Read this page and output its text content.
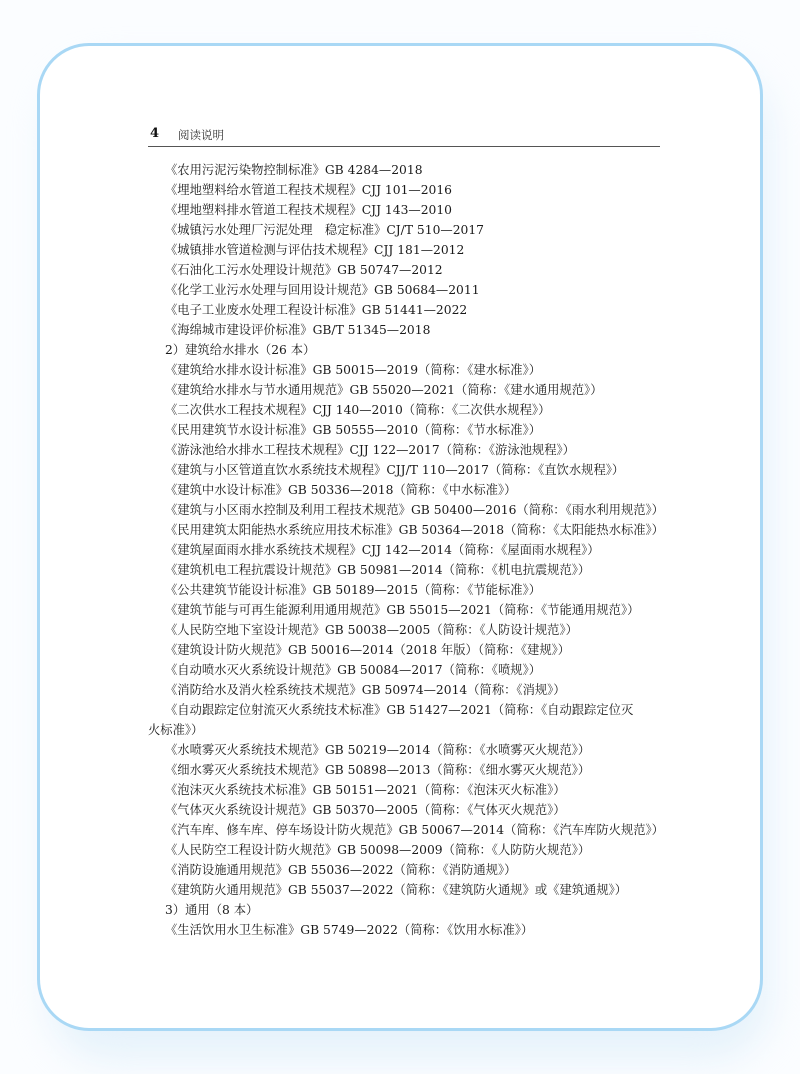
4 阅读说明
《农用污泥污染物控制标准》GB 4284—2018
《埋地塑料给水管道工程技术规程》CJJ 101—2016
《埋地塑料排水管道工程技术规程》CJJ 143—2010
《城镇污水处理厂污泥处理　稳定标准》CJ/T 510—2017
《城镇排水管道检测与评估技术规程》CJJ 181—2012
《石油化工污水处理设计规范》GB 50747—2012
《化学工业污水处理与回用设计规范》GB 50684—2011
《电子工业废水处理工程设计标准》GB 51441—2022
《海绵城市建设评价标准》GB/T 51345—2018
2）建筑给水排水（26 本）
《建筑给水排水设计标准》GB 50015—2019（简称：《建水标准》）
《建筑给水排水与节水通用规范》GB 55020—2021（简称：《建水通用规范》）
《二次供水工程技术规程》CJJ 140—2010（简称：《二次供水规程》）
《民用建筑节水设计标准》GB 50555—2010（简称：《节水标准》）
《游泳池给水排水工程技术规程》CJJ 122—2017（简称：《游泳池规程》）
《建筑与小区管道直饮水系统技术规程》CJJ/T 110—2017（简称：《直饮水规程》）
《建筑中水设计标准》GB 50336—2018（简称：《中水标准》）
《建筑与小区雨水控制及利用工程技术规范》GB 50400—2016（简称：《雨水利用规范》）
《民用建筑太阳能热水系统应用技术标准》GB 50364—2018（简称：《太阳能热水标准》）
《建筑屋面雨水排水系统技术规程》CJJ 142—2014（简称：《屋面雨水规程》）
《建筑机电工程抗震设计规范》GB 50981—2014（简称：《机电抗震规范》）
《公共建筑节能设计标准》GB 50189—2015（简称：《节能标准》）
《建筑节能与可再生能源利用通用规范》GB 55015—2021（简称：《节能通用规范》）
《人民防空地下室设计规范》GB 50038—2005（简称：《人防设计规范》）
《建筑设计防火规范》GB 50016—2014（2018 年版）（简称：《建规》）
《自动喷水灭火系统设计规范》GB 50084—2017（简称：《喷规》）
《消防给水及消火栓系统技术规范》GB 50974—2014（简称：《消规》）
《自动跟踪定位射流灭火系统技术标准》GB 51427—2021（简称：《自动跟踪定位灭
火标准》）
《水喷雾灭火系统技术规范》GB 50219—2014（简称：《水喷雾灭火规范》）
《细水雾灭火系统技术规范》GB 50898—2013（简称：《细水雾灭火规范》）
《泡沫灭火系统技术标准》GB 50151—2021（简称：《泡沫灭火标准》）
《气体灭火系统设计规范》GB 50370—2005（简称：《气体灭火规范》）
《汽车库、修车库、停车场设计防火规范》GB 50067—2014（简称：《汽车库防火规范》）
《人民防空工程设计防火规范》GB 50098—2009（简称：《人防防火规范》）
《消防设施通用规范》GB 55036—2022（简称：《消防通规》）
《建筑防火通用规范》GB 55037—2022（简称：《建筑防火通规》或《建筑通规》）
3）通用（8 本）
《生活饮用水卫生标准》GB 5749—2022（简称：《饮用水标准》）
